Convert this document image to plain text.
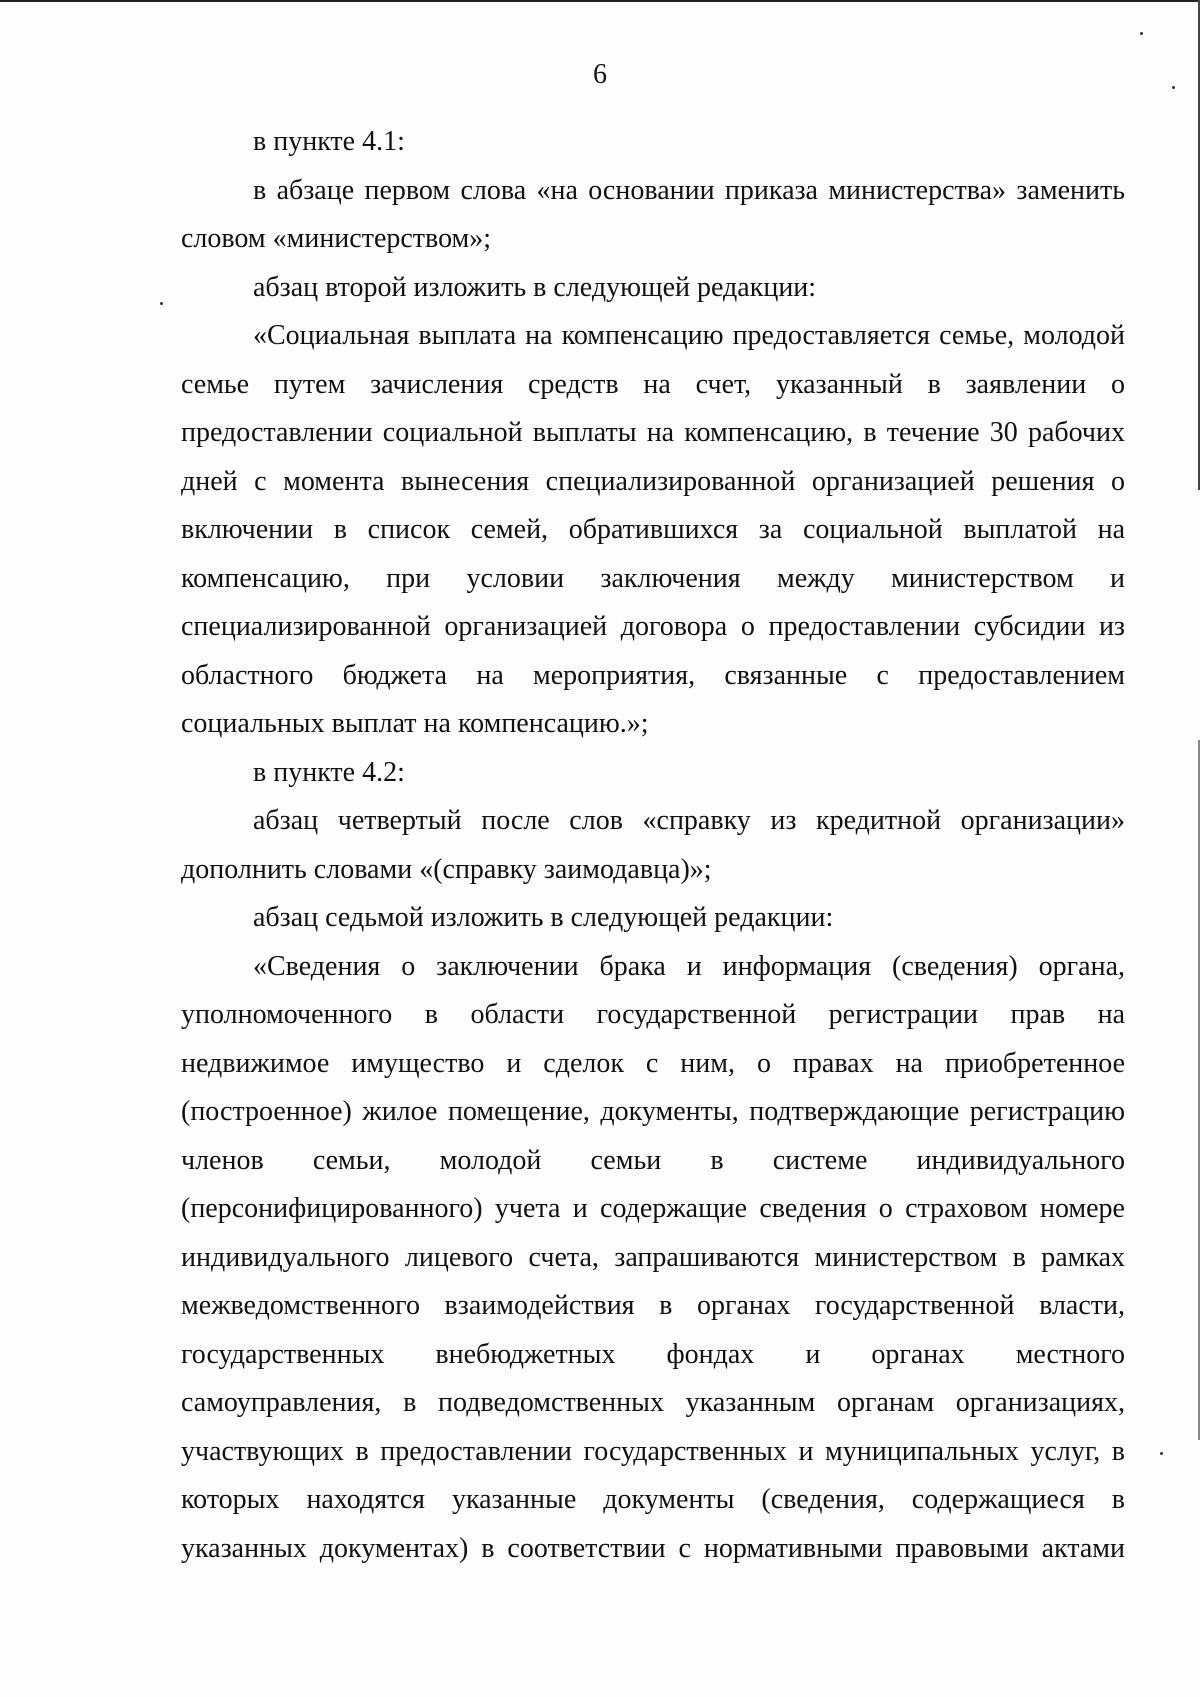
6
в пункте 4.1:
в абзаце первом слова «на основании приказа министерства» заменить
словом «министерством»;
абзац второй изложить в следующей редакции:
«Социальная выплата на компенсацию предоставляется семье, молодой
семье путем зачисления средств на счет, указанный в заявлении о
предоставлении социальной выплаты на компенсацию, в течение 30 рабочих
дней с момента вынесения специализированной организацией решения о
включении в список семей, обратившихся за социальной выплатой на
компенсацию, при условии заключения между министерством и
специализированной организацией договора о предоставлении субсидии из
областного бюджета на мероприятия, связанные с предоставлением
социальных выплат на компенсацию.»;
в пункте 4.2:
абзац четвертый после слов «справку из кредитной организации»
дополнить словами «(справку заимодавца)»;
абзац седьмой изложить в следующей редакции:
«Сведения о заключении брака и информация (сведения) органа,
уполномоченного в области государственной регистрации прав на
недвижимое имущество и сделок с ним, о правах на приобретенное
(построенное) жилое помещение, документы, подтверждающие регистрацию
членов семьи, молодой семьи в системе индивидуального
(персонифицированного) учета и содержащие сведения о страховом номере
индивидуального лицевого счета, запрашиваются министерством в рамках
межведомственного взаимодействия в органах государственной власти,
государственных внебюджетных фондах и органах местного
самоуправления, в подведомственных указанным органам организациях,
участвующих в предоставлении государственных и муниципальных услуг, в
которых находятся указанные документы (сведения, содержащиеся в
указанных документах) в соответствии с нормативными правовыми актами
